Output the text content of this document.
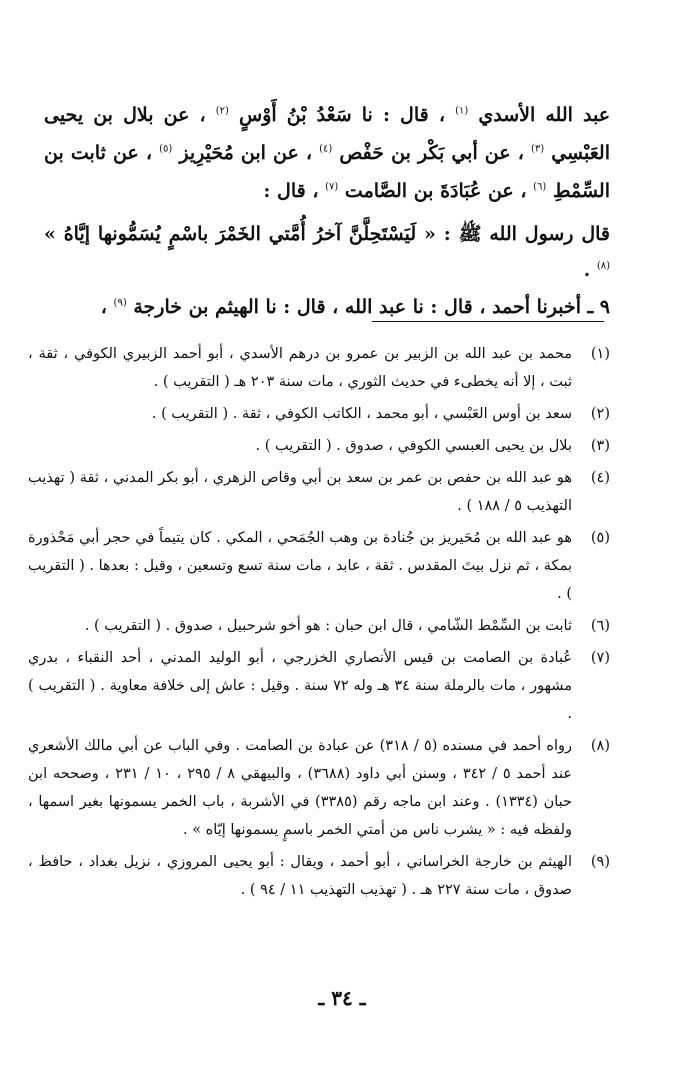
عبد الله الأسدي $^{(١)}$ ، قال : نا سَعْدُ بْنُ أَوْسٍ $^{(٢)}$ ، عن بلال بن يحيى العَبْسِي $^{(٣)}$ ، عن أبي بَكْر بن حَفْص $^{(٤)}$ ، عن ابن مُحَيْرِيز $^{(٥)}$ ، عن ثابت بن السِّمْطِ $^{(٦)}$ ، عن عُبَادَةَ بن الصَّامت $^{(٧)}$ ، قال :

قال رسول الله ﷺ : « لَيَسْتَحِلَّنَّ آخرُ أُمَّتي الخَمْرَ باسْمٍ يُسَمُّونها إيَّاهُ » $^{(٨)}$ .

٩ ـ أخبرنا أحمد ، قال : نا عبد الله ، قال : نا الهيثم بن خارجة $^{(٩)}$ ،

(١)
محمد بن عبد الله بن الزبير بن عمرو بن درهم الأسدي ، أبو أحمد الزبيري الكوفي ، ثقة ، ثبت ، إلا أنه يخطىء في حديث الثوري ، مات سنة ٢٠٣ هـ ( التقريب ) .
(٢)
سعد بن أوس العَبْسي ، أبو محمد ، الكاتب الكوفي ، ثقة . ( التقريب ) .
(٣)
بلال بن يحيى العبسي الكوفي ، صدوق . ( التقريب ) .
(٤)
هو عبد الله بن حفص بن عمر بن سعد بن أبي وقاص الزهري ، أبو بكر المدني ، ثقة ( تهذيب التهذيب ٥ / ١٨٨ ) .
(٥)
هو عبد الله بن مُحَيريز بن جُنادة بن وهب الجُمَحي ، المكي . كان يتيماً في حجر أبي مَحْذورة بمكة ، ثم نزل بيتَ المقدس . ثقة ، عابد ، مات سنة تسع وتسعين ، وقيل : بعدها . ( التقريب ) .
(٦)
ثابت بن السِّمْط الشّامي ، قال ابن حبان : هو أخو شرحبيل ، صدوق . ( التقريب ) .
(٧)
عُبادة بن الصامت بن قيس الأنصاري الخزرجي ، أبو الوليد المدني ، أحد النقباء ، بدري مشهور ، مات بالرملة سنة ٣٤ هـ وله ٧٢ سنة . وقيل : عاش إلى خلافة معاوية . ( التقريب ) .
(٨)
رواه أحمد في مسنده (٥ / ٣١٨) عن عبادة بن الصامت . وفي الباب عن أبي مالك الأشعري عند أحمد ٥ / ٣٤٢ ، وسنن أبي داود (٣٦٨٨) ، والبيهقي ٨ / ٢٩٥ ، ١٠ / ٢٣١ ، وصححه ابن حبان (١٣٣٤) . وعند ابن ماجه رقم (٣٣٨٥) في الأشربة ، باب الخمر يسمونها بغير اسمها ، ولفظه فيه : « يشرب ناس من أمتي الخمر باسمٍ يسمونها إيّاه » .
(٩)
الهيثم بن خارجة الخراساني ، أبو أحمد ، ويقال : أبو يحيى المروزي ، نزيل بغداد ، حافظ ، صدوق ، مات سنة ٢٢٧ هـ . ( تهذيب التهذيب ١١ / ٩٤ ) .
ـ ٣٤ ـ
